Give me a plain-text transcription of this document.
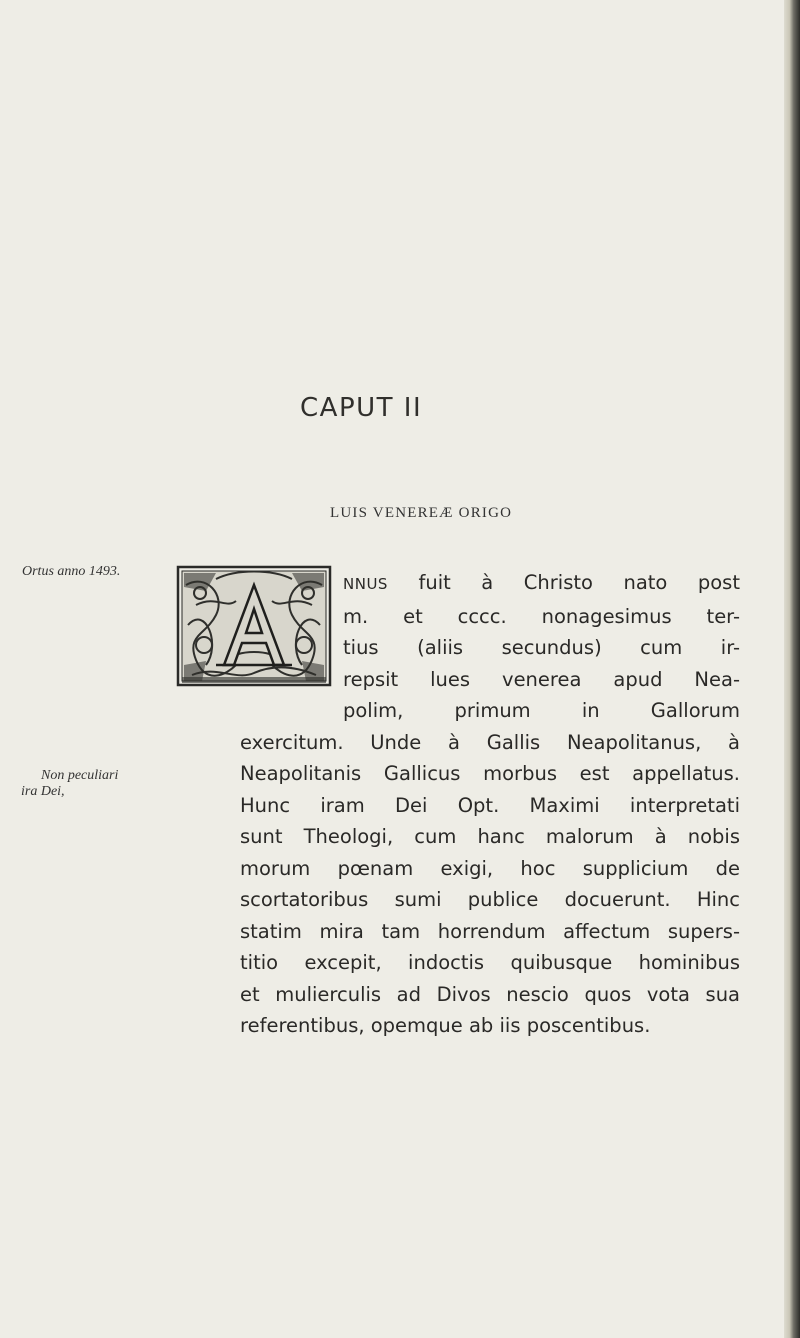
CAPUT II
LUIS VENEREÆ ORIGO
Ortus anno 1493.
Non peculiari
ira Dei,
NNUS fuit à Christo nato post
m. et cccc. nonagesimus ter-
tius (aliis secundus) cum ir-
repsit lues venerea apud Nea-
polim, primum in Gallorum
exercitum. Unde à Gallis Neapolitanus, à
Neapolitanis Gallicus morbus est appellatus.
Hunc iram Dei Opt. Maximi interpretati
sunt Theologi, cum hanc malorum à nobis
morum pœnam exigi, hoc supplicium de
scortatoribus sumi publice docuerunt. Hinc
statim mira tam horrendum affectum supers-
titio excepit, indoctis quibusque hominibus
et mulierculis ad Divos nescio quos vota sua
referentibus, opemque ab iis poscentibus.
